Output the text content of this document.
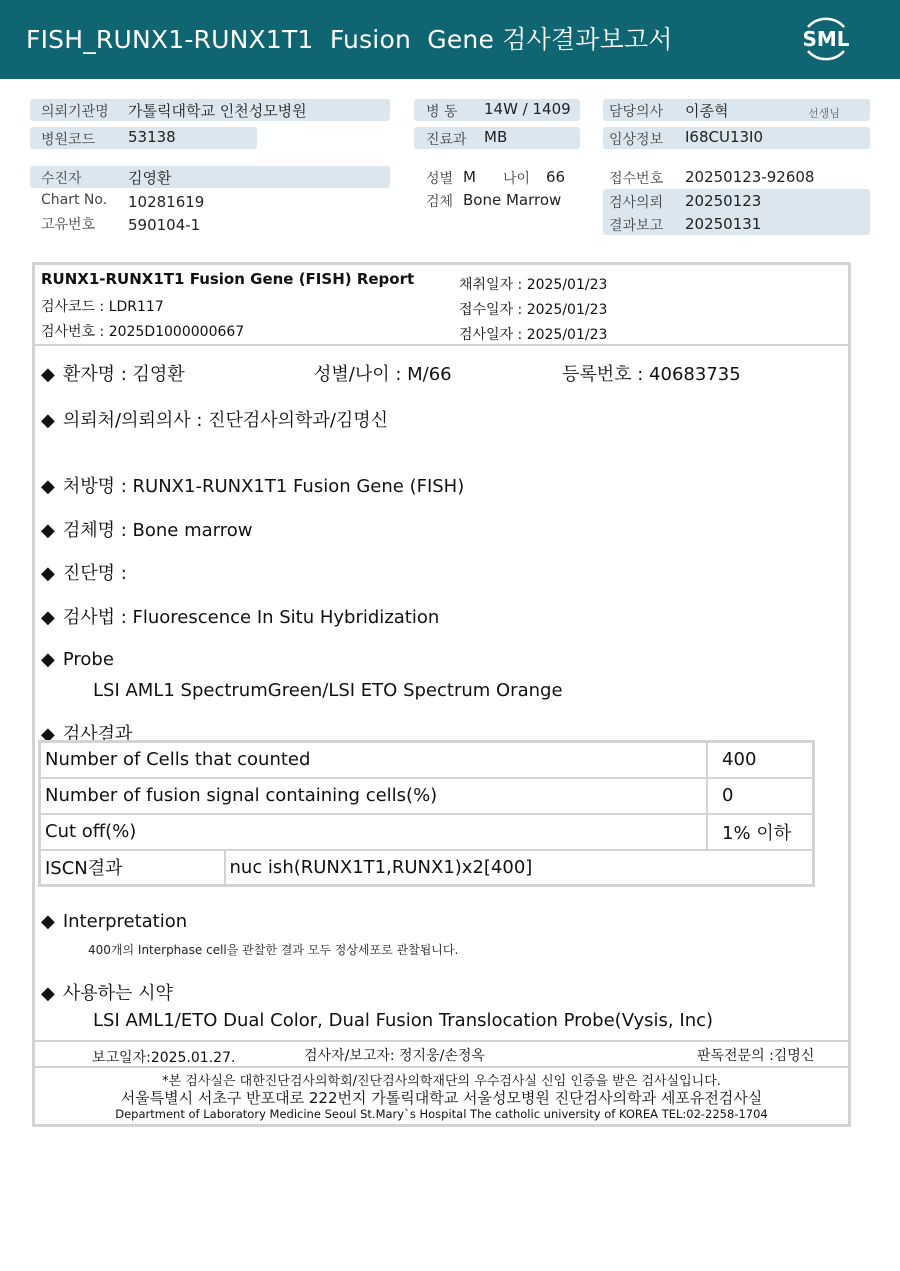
FISH_RUNX1-RUNX1T1  Fusion  Gene 검사결과보고서	SML
의뢰기관명 가톨릭대학교 인천성모병원
병원코드 53138
병 동 14W / 1409
진료과 MB
담당의사 이종혁	선생님
임상정보 I68CU13I0
수진자	김영환
Chart No. 10281619
고유번호 590104-1
성별 M 나이 66
검체 Bone Marrow
접수번호 20250123-92608
검사의뢰 20250123
결과보고 20250131
RUNX1-RUNX1T1 Fusion Gene (FISH) Report
검사코드 : LDR117
검사번호 : 2025D1000000667
채취일자 : 2025/01/23
접수일자 : 2025/01/23
검사일자 : 2025/01/23
◆ 환자명 : 김영환	성별/나이 : M/66	등록번호 : 40683735
◆ 의뢰처/의뢰의사 : 진단검사의학과/김명신
◆ 처방명 : RUNX1-RUNX1T1 Fusion Gene (FISH)
◆ 검체명 : Bone marrow
◆ 진단명 :
◆ 검사법 : Fluorescence In Situ Hybridization
◆ Probe
LSI AML1 SpectrumGreen/LSI ETO Spectrum Orange
◆ 검사결과
Number of Cells that counted		400
Number of fusion signal containing cells(%)		0
Cut off(%)		1% 이하
ISCN결과	nuc ish(RUNX1T1,RUNX1)x2[400]	
◆ Interpretation
400개의 Interphase cell을 관찰한 결과 모두 정상세포로 관찰됩니다.
◆ 사용하는 시약
LSI AML1/ETO Dual Color, Dual Fusion Translocation Probe(Vysis, Inc)
보고일자:2025.01.27.	검사자/보고자: 정지웅/손정옥	판독전문의 :김명신
*본 검사실은 대한진단검사의학회/진단검사의학재단의 우수검사실 신임 인증을 받은 검사실입니다.
서울특별시 서초구 반포대로 222번지 가톨릭대학교 서울성모병원 진단검사의학과 세포유전검사실
Department of Laboratory Medicine Seoul St.Mary`s Hospital The catholic university of KOREA TEL:02-2258-1704
